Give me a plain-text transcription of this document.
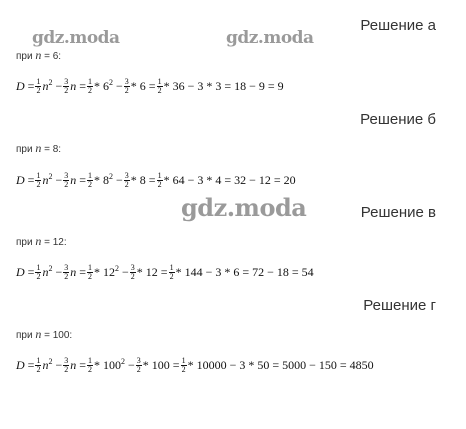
gdz.moda	gdz.moda
gdz.moda
Решение а
при n = 6:
$D = \frac{1}{2} n^2 - \frac{3}{2}$ $n = \frac{1}{2} * 6^2 - \frac{3}{2} * 6 = \frac{1}{2} * 36 - 3 * 3 = 18 - 9 = 9$
Решение б
при n = 8:
$D = \frac{1}{2} n^2 - \frac{3}{2}$ $n = \frac{1}{2} * 8^2 - \frac{3}{2} * 8 = \frac{1}{2} * 64 - 3 * 4 = 32 - 12 = 20$
Решение в
при n = 12:
$D = \frac{1}{2} n^2 - \frac{3}{2}$ $n = \frac{1}{2} * 12^2 - \frac{3}{2} * 12 = \frac{1}{2} * 144 - 3 * 6 = 72 - 18 = 54$
Решение г
при n = 100:
$D = \frac{1}{2} n^2 - \frac{3}{2}$ $n = \frac{1}{2} * 100^2 - \frac{3}{2} * 100 = \frac{1}{2} * 10000 - 3 * 50 = 5000 - 150 = 4850$
